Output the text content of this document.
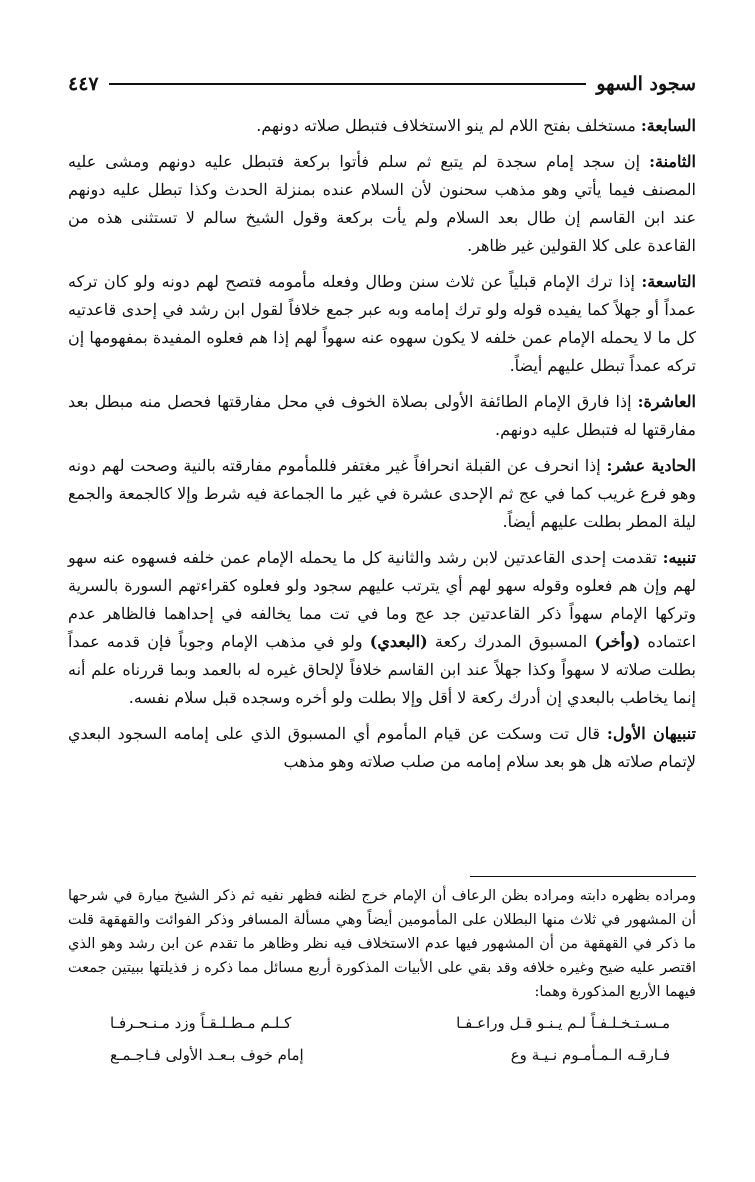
سجود السهو
٤٤٧

السابعة: مستخلف بفتح اللام لم ينو الاستخلاف فتبطل صلاته دونهم.

الثامنة: إن سجد إمام سجدة لم يتبع ثم سلم فأتوا بركعة فتبطل عليه دونهم ومشى عليه المصنف فيما يأتي وهو مذهب سحنون لأن السلام عنده بمنزلة الحدث وكذا تبطل عليه دونهم عند ابن القاسم إن طال بعد السلام ولم يأت بركعة وقول الشيخ سالم لا تستثنى هذه من القاعدة على كلا القولين غير ظاهر.

التاسعة: إذا ترك الإمام قبلياً عن ثلاث سنن وطال وفعله مأمومه فتصح لهم دونه ولو كان تركه عمداً أو جهلاً كما يفيده قوله ولو ترك إمامه وبه عبر جمع خلافاً لقول ابن رشد في إحدى قاعدتيه كل ما لا يحمله الإمام عمن خلفه لا يكون سهوه عنه سهواً لهم إذا هم فعلوه المفيدة بمفهومها إن تركه عمداً تبطل عليهم أيضاً.

العاشرة: إذا فارق الإمام الطائفة الأولى بصلاة الخوف في محل مفارقتها فحصل منه مبطل بعد مفارقتها له فتبطل عليه دونهم.

الحادية عشر: إذا انحرف عن القبلة انحرافاً غير مغتفر فللمأموم مفارقته بالنية وصحت لهم دونه وهو فرع غريب كما في عج ثم الإحدى عشرة في غير ما الجماعة فيه شرط وإلا كالجمعة والجمع ليلة المطر بطلت عليهم أيضاً.

تنبيه: تقدمت إحدى القاعدتين لابن رشد والثانية كل ما يحمله الإمام عمن خلفه فسهوه عنه سهو لهم وإن هم فعلوه وقوله سهو لهم أي يترتب عليهم سجود ولو فعلوه كقراءتهم السورة بالسرية وتركها الإمام سهواً ذكر القاعدتين جد عج وما في تت مما يخالفه في إحداهما فالظاهر عدم اعتماده (وأخر) المسبوق المدرك ركعة (البعدي) ولو في مذهب الإمام وجوباً فإن قدمه عمداً بطلت صلاته لا سهواً وكذا جهلاً عند ابن القاسم خلافاً لإلحاق غيره له بالعمد وبما قررناه علم أنه إنما يخاطب بالبعدي إن أدرك ركعة لا أقل وإلا بطلت ولو أخره وسجده قبل سلام نفسه.

تنبيهان الأول: قال تت وسكت عن قيام المأموم أي المسبوق الذي على إمامه السجود البعدي لإتمام صلاته هل هو بعد سلام إمامه من صلب صلاته وهو مذهب

ومراده بظهره دابته ومراده بظن الرعاف أن الإمام خرج لظنه فظهر نفيه ثم ذكر الشيخ ميارة في شرحها أن المشهور في ثلاث منها البطلان على المأمومين أيضاً وهي مسألة المسافر وذكر الفوائت والقهقهة قلت ما ذكر في القهقهة من أن المشهور فيها عدم الاستخلاف فيه نظر وظاهر ما تقدم عن ابن رشد وهو الذي اقتصر عليه ضيح وغيره خلافه وقد بقي على الأبيات المذكورة أربع مسائل مما ذكره ز فذيلتها ببيتين جمعت فيهما الأربع المذكورة وهما:
مـسـتـخـلـفـاً لـم يـنـو قـل وراعـفـا
كـلـم مـطـلـقـاً وزد مـنـحـرفـا
فـارقـه الـمـأمـوم نـيـة وع
إمام خوف بـعـد الأولى فـاجـمـع
